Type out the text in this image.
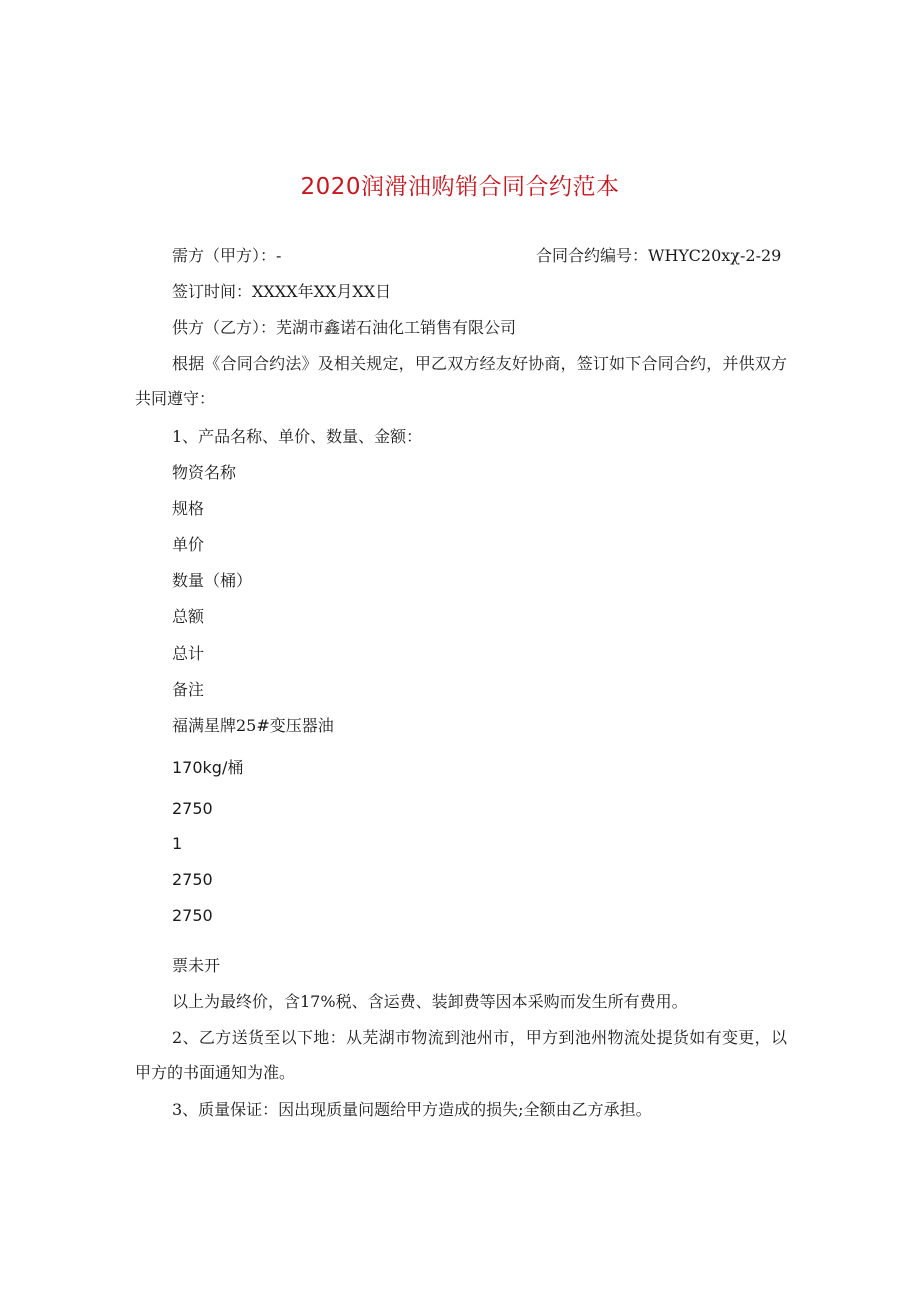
2020润滑油购销合同合约范本
需方（甲方）：-	合同合约编号：WHYC20xχ-2-29
签订时间：XXXX年XX月XX日
供方（乙方）：芜湖市鑫诺石油化工销售有限公司
根据《合同合约法》及相关规定，甲乙双方经友好协商，签订如下合同合约，并供双方共同遵守：
1、产品名称、单价、数量、金额：
物资名称
规格
单价
数量（桶）
总额
总计
备注
福满星牌25#变压器油
170kg∕桶
2750
1
2750
2750
票未开
以上为最终价，含17%税、含运费、装卸费等因本采购而发生所有费用。
2、乙方送货至以下地：从芜湖市物流到池州市，甲方到池州物流处提货如有变更，以甲方的书面通知为准。
3、质量保证：因出现质量问题给甲方造成的损失;全额由乙方承担。
